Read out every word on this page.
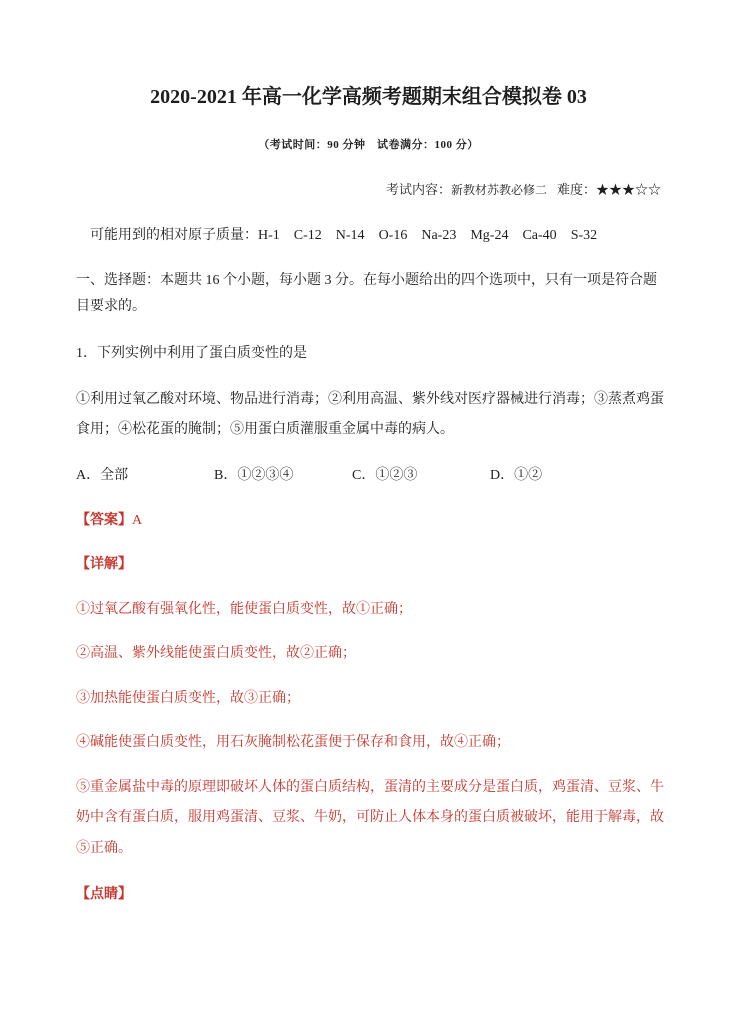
2020-2021 年高一化学高频考题期末组合模拟卷 03
（考试时间：90 分钟　试卷满分：100 分）
考试内容：新教材苏教必修二 难度：★★★☆☆
可能用到的相对原子质量：H-1 C-12 N-14 O-16 Na-23 Mg-24 Ca-40 S-32
一、选择题：本题共 16 个小题，每小题 3 分。在每小题给出的四个选项中，只有一项是符合题
目要求的。
1．下列实例中利用了蛋白质变性的是
①利用过氧乙酸对环境、物品进行消毒；②利用高温、紫外线对医疗器械进行消毒；③蒸煮鸡蛋
食用；④松花蛋的腌制；⑤用蛋白质灌服重金属中毒的病人。
A．全部	B．①②③④	C．①②③	D．①②
【答案】A
【详解】
①过氧乙酸有强氧化性，能使蛋白质变性，故①正确；
②高温、紫外线能使蛋白质变性，故②正确；
③加热能使蛋白质变性，故③正确；
④碱能使蛋白质变性，用石灰腌制松花蛋便于保存和食用，故④正确；
⑤重金属盐中毒的原理即破坏人体的蛋白质结构，蛋清的主要成分是蛋白质，鸡蛋清、豆浆、牛
奶中含有蛋白质，服用鸡蛋清、豆浆、牛奶，可防止人体本身的蛋白质被破坏，能用于解毒，故
⑤正确。
【点睛】
